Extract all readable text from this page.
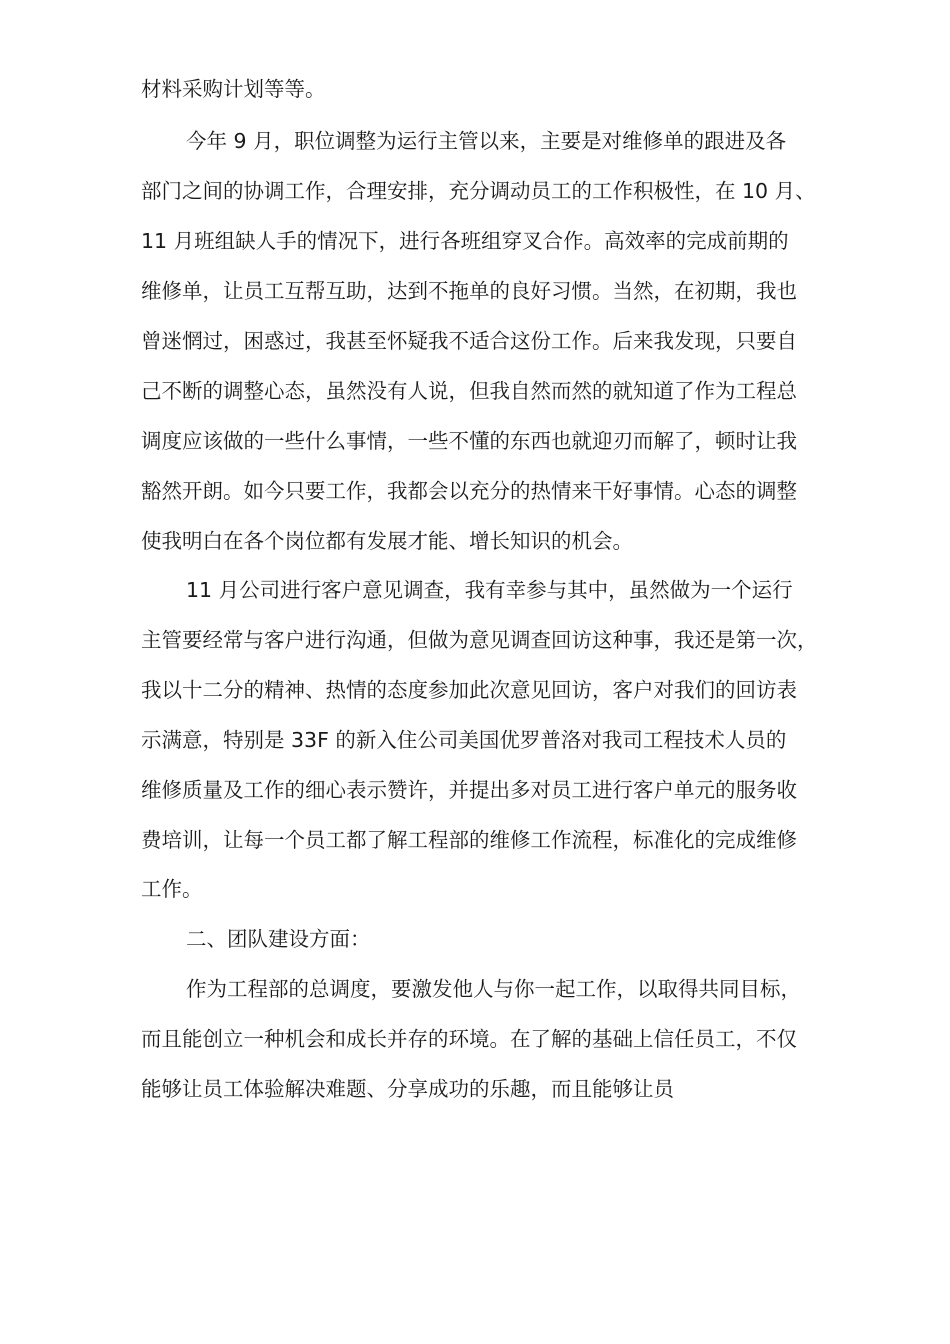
材料采购计划等等。
今年 9 月，职位调整为运行主管以来，主要是对维修单的跟进及各
部门之间的协调工作，合理安排，充分调动员工的工作积极性，在 10 月、
11 月班组缺人手的情况下，进行各班组穿叉合作。高效率的完成前期的
维修单，让员工互帮互助，达到不拖单的良好习惯。当然，在初期，我也
曾迷惘过，困惑过，我甚至怀疑我不适合这份工作。后来我发现，只要自
己不断的调整心态，虽然没有人说，但我自然而然的就知道了作为工程总
调度应该做的一些什么事情，一些不懂的东西也就迎刃而解了，顿时让我
豁然开朗。如今只要工作，我都会以充分的热情来干好事情。心态的调整
使我明白在各个岗位都有发展才能、增长知识的机会。
11 月公司进行客户意见调查，我有幸参与其中，虽然做为一个运行
主管要经常与客户进行沟通，但做为意见调查回访这种事，我还是第一次，
我以十二分的精神、热情的态度参加此次意见回访，客户对我们的回访表
示满意，特别是 33F 的新入住公司美国优罗普洛对我司工程技术人员的
维修质量及工作的细心表示赞许，并提出多对员工进行客户单元的服务收
费培训，让每一个员工都了解工程部的维修工作流程，标准化的完成维修
工作。
二、团队建设方面：
作为工程部的总调度，要激发他人与你一起工作，以取得共同目标，
而且能创立一种机会和成长并存的环境。在了解的基础上信任员工，不仅
能够让员工体验解决难题、分享成功的乐趣，而且能够让员
